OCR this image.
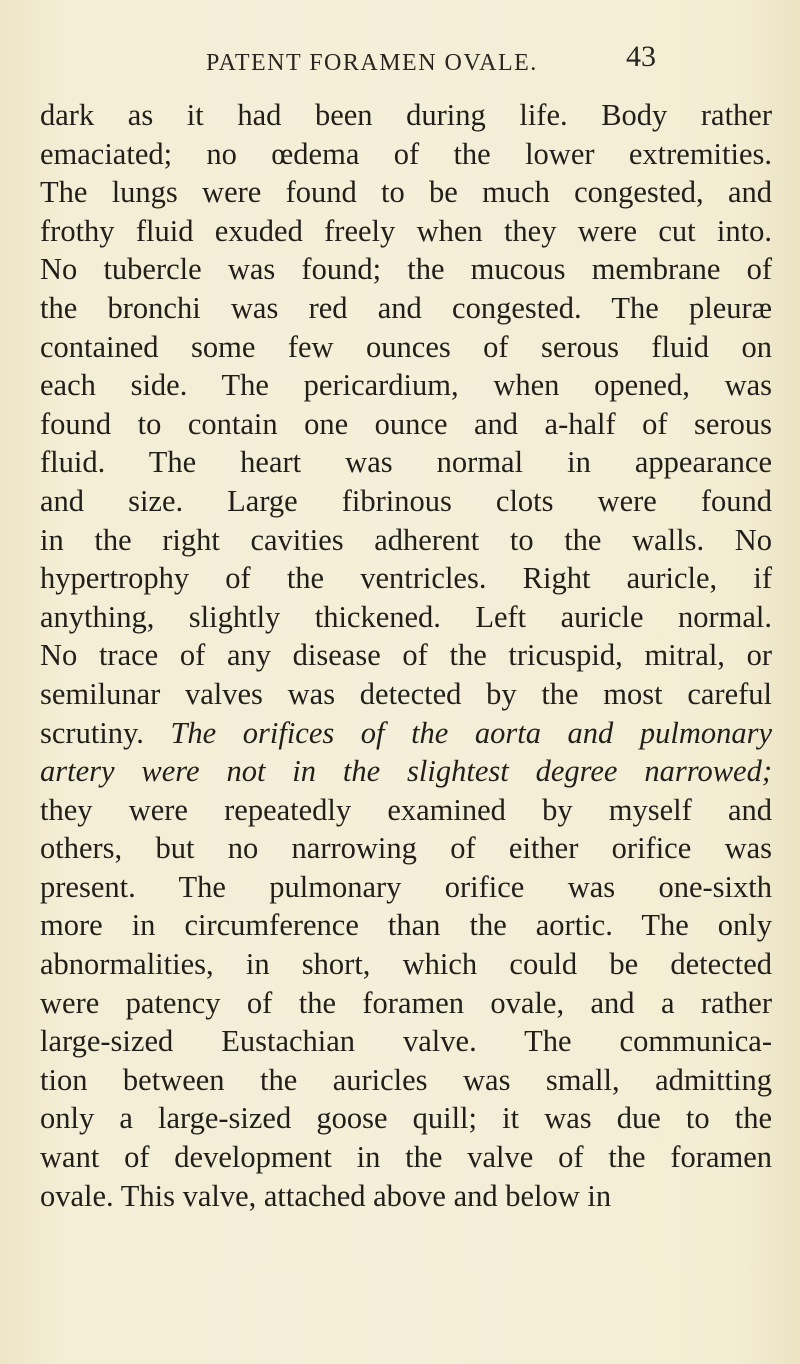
PATENT FORAMEN OVALE.	43
dark as it had been during life. Body rather
emaciated; no œdema of the lower extremities.
The lungs were found to be much congested, and
frothy fluid exuded freely when they were cut into.
No tubercle was found; the mucous membrane of
the bronchi was red and congested. The pleuræ
contained some few ounces of serous fluid on
each side. The pericardium, when opened, was
found to contain one ounce and a-half of serous
fluid. The heart was normal in appearance
and size. Large fibrinous clots were found
in the right cavities adherent to the walls. No
hypertrophy of the ventricles. Right auricle, if
anything, slightly thickened. Left auricle normal.
No trace of any disease of the tricuspid, mitral, or
semilunar valves was detected by the most careful
scrutiny. The orifices of the aorta and pulmonary
artery were not in the slightest degree narrowed;
they were repeatedly examined by myself and
others, but no narrowing of either orifice was
present. The pulmonary orifice was one-sixth
more in circumference than the aortic. The only
abnormalities, in short, which could be detected
were patency of the foramen ovale, and a rather
large-sized Eustachian valve. The communica-
tion between the auricles was small, admitting
only a large-sized goose quill; it was due to the
want of development in the valve of the foramen
ovale. This valve, attached above and below in
